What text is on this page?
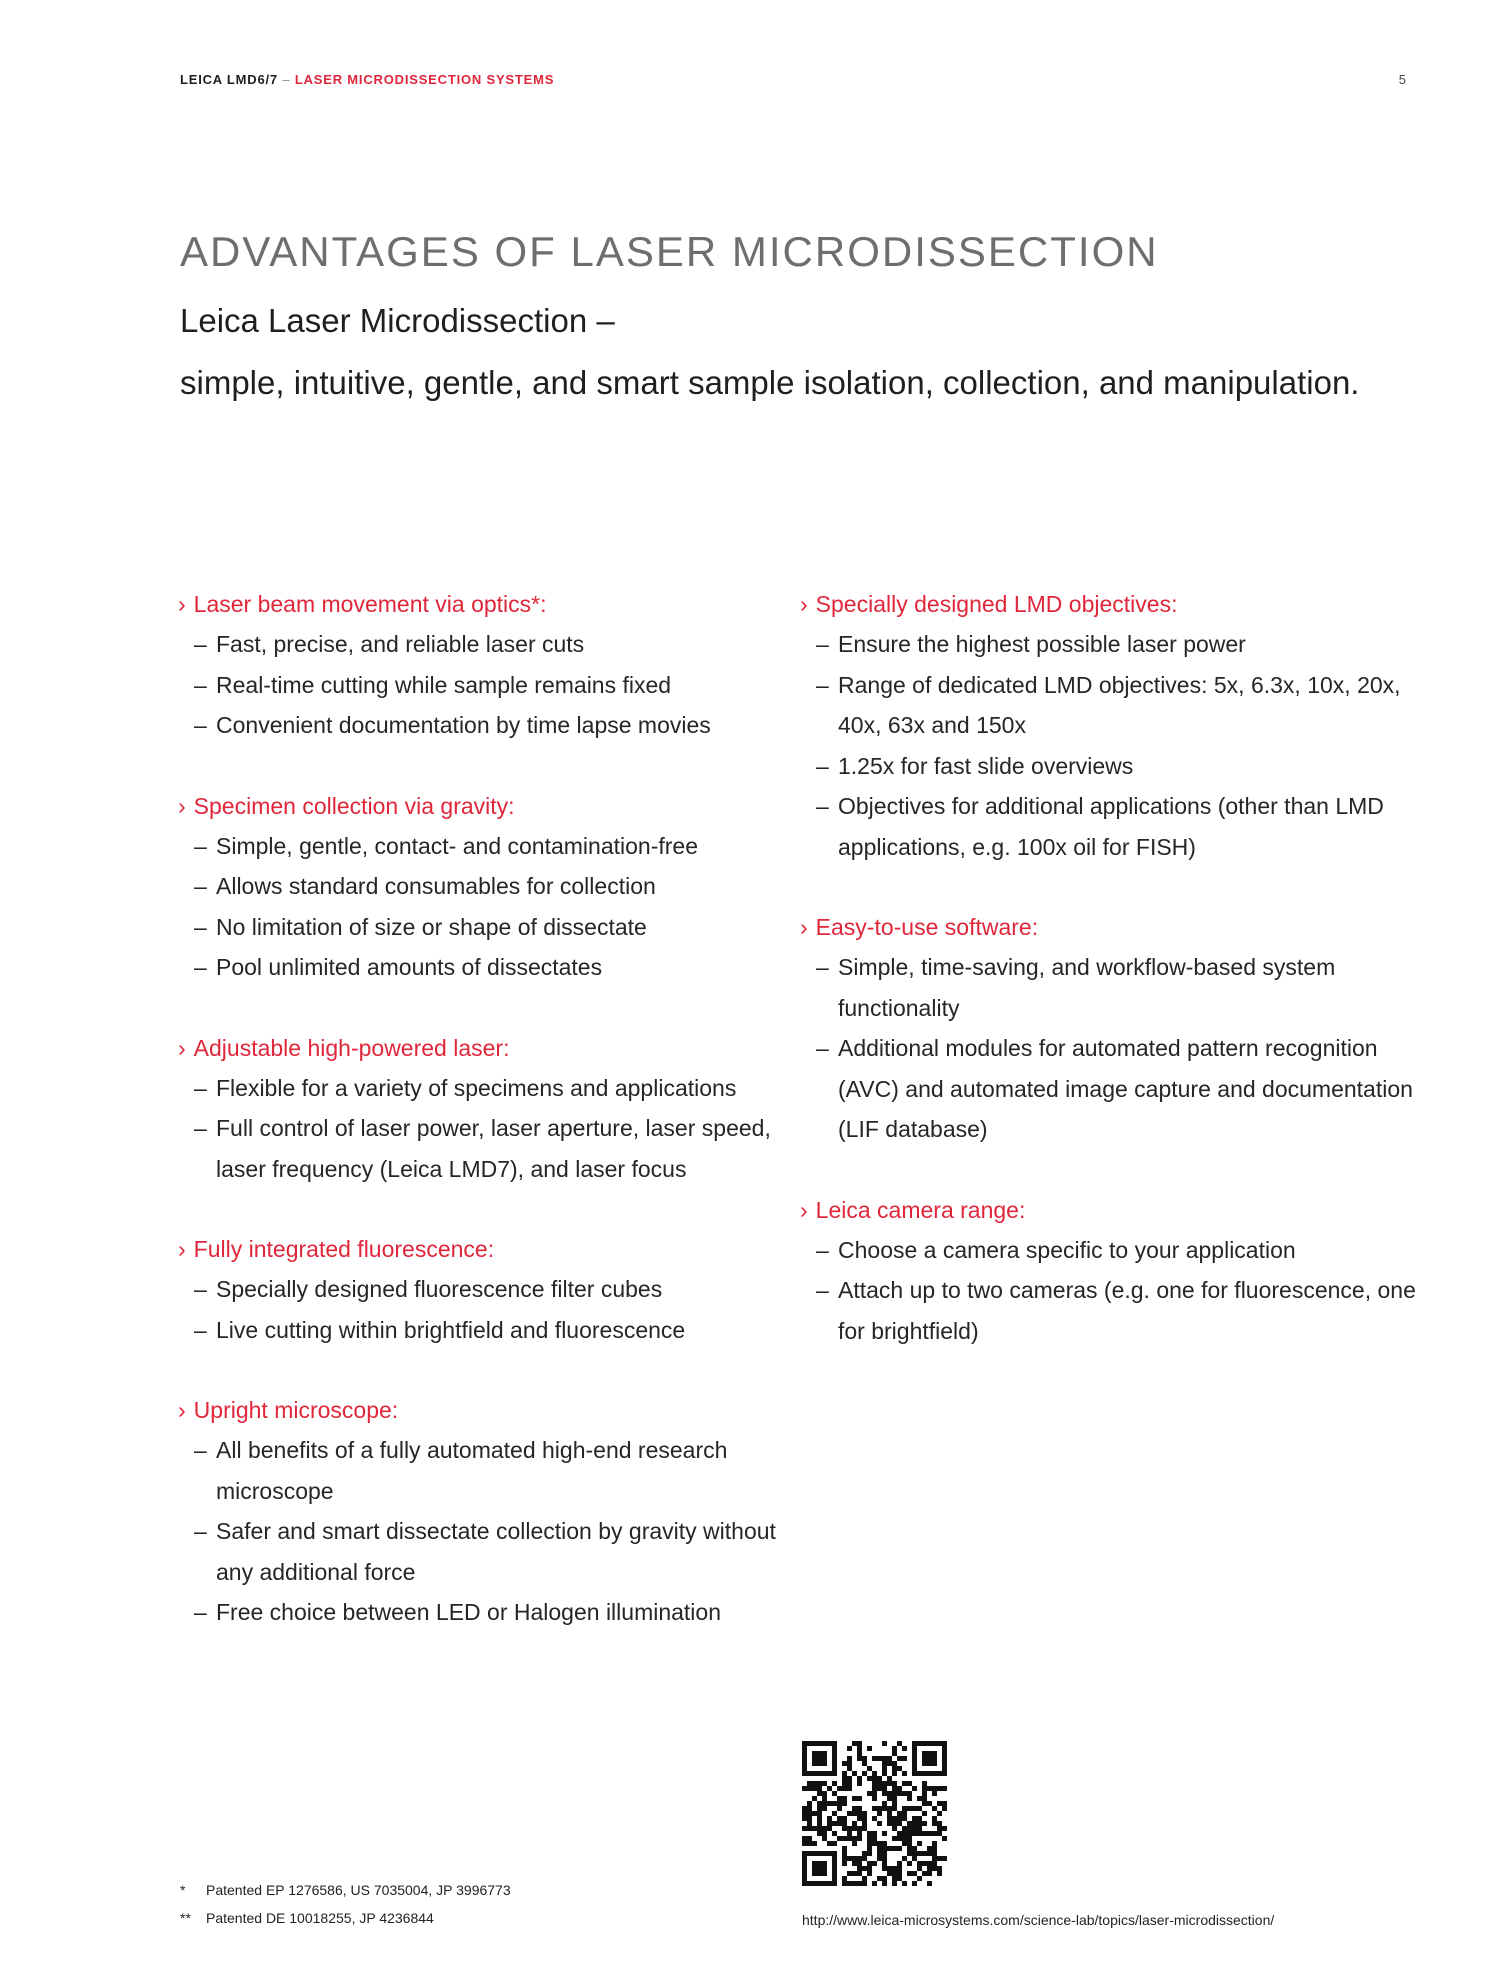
LEICA LMD6/7 – LASER MICRODISSECTION SYSTEMS	5
ADVANTAGES OF LASER MICRODISSECTION
Leica Laser Microdissection –
simple, intuitive, gentle, and smart sample isolation, collection, and manipulation.

› Laser beam movement via optics*:

– Fast, precise, and reliable laser cuts
– Real-time cutting while sample remains fixed
– Convenient documentation by time lapse movies

› Specimen collection via gravity:

– Simple, gentle, contact- and contamination-free
– Allows standard consumables for collection
– No limitation of size or shape of dissectate
– Pool unlimited amounts of dissectates

› Adjustable high-powered laser:

– Flexible for a variety of specimens and applications
– Full control of laser power, laser aperture, laser speed, laser frequency (Leica LMD7), and laser focus

› Fully integrated fluorescence:

– Specially designed fluorescence filter cubes
– Live cutting within brightfield and fluorescence

› Upright microscope:

– All benefits of a fully automated high-end research microscope
– Safer and smart dissectate collection by gravity without any additional force
– Free choice between LED or Halogen illumination

› Specially designed LMD objectives:

– Ensure the highest possible laser power
– Range of dedicated LMD objectives: 5x, 6.3x, 10x, 20x, 40x, 63x and 150x
– 1.25x for fast slide overviews
– Objectives for additional applications (other than LMD applications, e.g. 100x oil for FISH)

› Easy-to-use software:

– Simple, time-saving, and workflow-based system functionality
– Additional modules for automated pattern recognition (AVC) and automated image capture and documentation (LIF database)

› Leica camera range:

– Choose a camera specific to your application
– Attach up to two cameras (e.g. one for fluorescence, one for brightfield)
*	Patented EP 1276586, US 7035004, JP 3996773
**	Patented DE 10018255, JP 4236844	http://www.leica-microsystems.com/science-lab/topics/laser-microdissection/
